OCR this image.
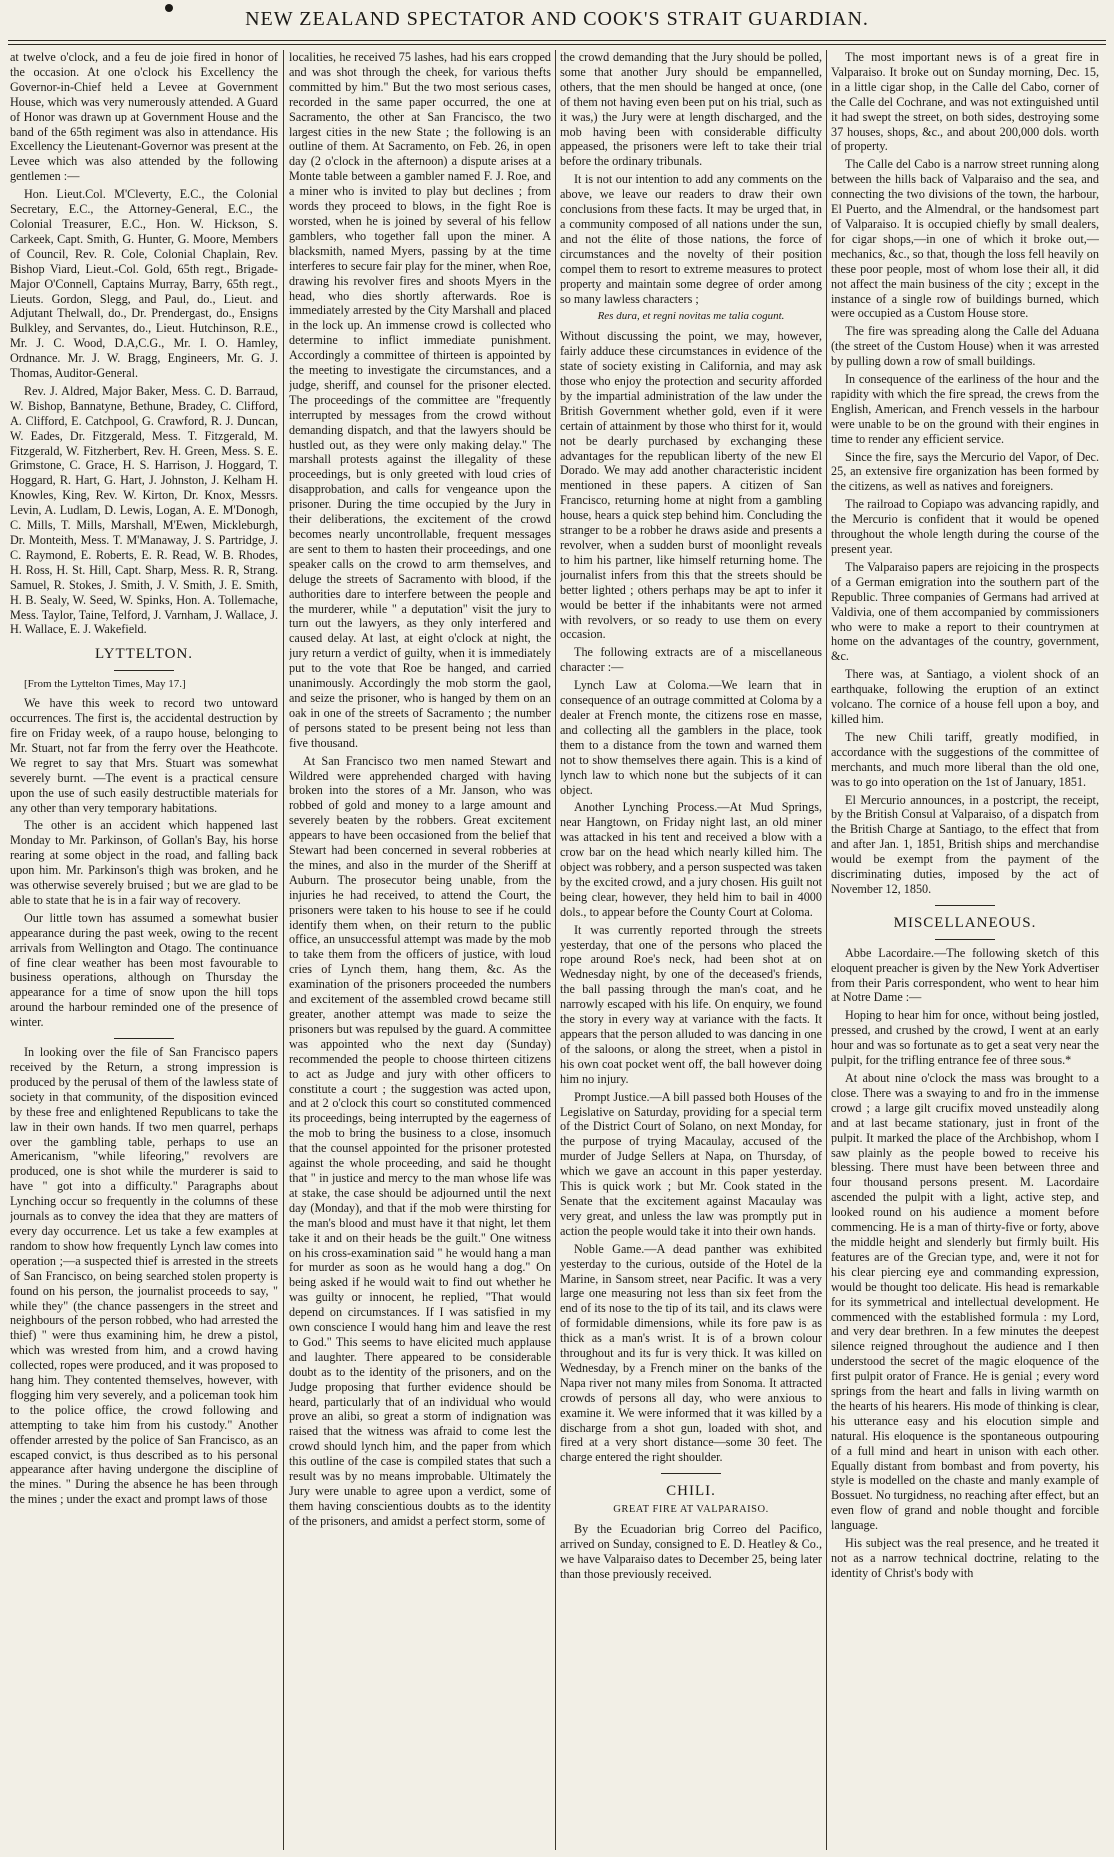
NEW ZEALAND SPECTATOR AND COOK'S STRAIT GUARDIAN.

at twelve o'clock, and a feu de joie fired in honor of the occasion. At one o'clock his Excellency the Governor-in-Chief held a Levee at Government House, which was very numerously attended. A Guard of Honor was drawn up at Government House and the band of the 65th regiment was also in attendance. His Excellency the Lieutenant-Governor was present at the Levee which was also attended by the following gentlemen :—

Hon. Lieut.Col. M'Cleverty, E.C., the Colonial Secretary, E.C., the Attorney-General, E.C., the Colonial Treasurer, E.C., Hon. W. Hickson, S. Carkeek, Capt. Smith, G. Hunter, G. Moore, Members of Council, Rev. R. Cole, Colonial Chaplain, Rev. Bishop Viard, Lieut.-Col. Gold, 65th regt., Brigade-Major O'Connell, Captains Murray, Barry, 65th regt., Lieuts. Gordon, Slegg, and Paul, do., Lieut. and Adjutant Thelwall, do., Dr. Prendergast, do., Ensigns Bulkley, and Servantes, do., Lieut. Hutchinson, R.E., Mr. J. C. Wood, D.A,C.G., Mr. I. O. Hamley, Ordnance. Mr. J. W. Bragg, Engineers, Mr. G. J. Thomas, Auditor-General.

Rev. J. Aldred, Major Baker, Mess. C. D. Barraud, W. Bishop, Bannatyne, Bethune, Bradey, C. Clifford, A. Clifford, E. Catchpool, G. Crawford, R. J. Duncan, W. Eades, Dr. Fitzgerald, Mess. T. Fitzgerald, M. Fitzgerald, W. Fitzherbert, Rev. H. Green, Mess. S. E. Grimstone, C. Grace, H. S. Harrison, J. Hoggard, T. Hoggard, R. Hart, G. Hart, J. Johnston, J. Kelham H. Knowles, King, Rev. W. Kirton, Dr. Knox, Messrs. Levin, A. Ludlam, D. Lewis, Logan, A. E. M'Donogh, C. Mills, T. Mills, Marshall, M'Ewen, Mickleburgh, Dr. Monteith, Mess. T. M'Manaway, J. S. Partridge, J. C. Raymond, E. Roberts, E. R. Read, W. B. Rhodes, H. Ross, H. St. Hill, Capt. Sharp, Mess. R. R, Strang. Samuel, R. Stokes, J. Smith, J. V. Smith, J. E. Smith, H. B. Sealy, W. Seed, W. Spinks, Hon. A. Tollemache, Mess. Taylor, Taine, Telford, J. Varnham, J. Wallace, J. H. Wallace, E. J. Wakefield.

LYTTELTON.

[From the Lyttelton Times, May 17.]

We have this week to record two untoward occurrences. The first is, the accidental destruction by fire on Friday week, of a raupo house, belonging to Mr. Stuart, not far from the ferry over the Heathcote. We regret to say that Mrs. Stuart was somewhat severely burnt. —The event is a practical censure upon the use of such easily destructible materials for any other than very temporary habitations.

The other is an accident which happened last Monday to Mr. Parkinson, of Gollan's Bay, his horse rearing at some object in the road, and falling back upon him. Mr. Parkinson's thigh was broken, and he was otherwise severely bruised ; but we are glad to be able to state that he is in a fair way of recovery.

Our little town has assumed a somewhat busier appearance during the past week, owing to the recent arrivals from Wellington and Otago. The continuance of fine clear weather has been most favourable to business operations, although on Thursday the appearance for a time of snow upon the hill tops around the harbour reminded one of the presence of winter.

In looking over the file of San Francisco papers received by the Return, a strong impression is produced by the perusal of them of the lawless state of society in that community, of the disposition evinced by these free and enlightened Republicans to take the law in their own hands. If two men quarrel, perhaps over the gambling table, perhaps to use an Americanism, "while lifeoring," revolvers are produced, one is shot while the murderer is said to have " got into a difficulty." Paragraphs about Lynching occur so frequently in the columns of these journals as to convey the idea that they are matters of every day occurrence. Let us take a few examples at random to show how frequently Lynch law comes into operation ;—a suspected thief is arrested in the streets of San Francisco, on being searched stolen property is found on his person, the journalist proceeds to say, " while they" (the chance passengers in the street and neighbours of the person robbed, who had arrested the thief) " were thus examining him, he drew a pistol, which was wrested from him, and a crowd having collected, ropes were produced, and it was proposed to hang him. They contented themselves, however, with flogging him very severely, and a policeman took him to the police office, the crowd following and attempting to take him from his custody." Another offender arrested by the police of San Francisco, as an escaped convict, is thus described as to his personal appearance after having undergone the discipline of the mines. " During the absence he has been through the mines ; under the exact and prompt laws of those

localities, he received 75 lashes, had his ears cropped and was shot through the cheek, for various thefts committed by him." But the two most serious cases, recorded in the same paper occurred, the one at Sacramento, the other at San Francisco, the two largest cities in the new State ; the following is an outline of them. At Sacramento, on Feb. 26, in open day (2 o'clock in the afternoon) a dispute arises at a Monte table between a gambler named F. J. Roe, and a miner who is invited to play but declines ; from words they proceed to blows, in the fight Roe is worsted, when he is joined by several of his fellow gamblers, who together fall upon the miner. A blacksmith, named Myers, passing by at the time interferes to secure fair play for the miner, when Roe, drawing his revolver fires and shoots Myers in the head, who dies shortly afterwards. Roe is immediately arrested by the City Marshall and placed in the lock up. An immense crowd is collected who determine to inflict immediate punishment. Accordingly a committee of thirteen is appointed by the meeting to investigate the circumstances, and a judge, sheriff, and counsel for the prisoner elected. The proceedings of the committee are "frequently interrupted by messages from the crowd without demanding dispatch, and that the lawyers should be hustled out, as they were only making delay." The marshall protests against the illegality of these proceedings, but is only greeted with loud cries of disapprobation, and calls for vengeance upon the prisoner. During the time occupied by the Jury in their deliberations, the excitement of the crowd becomes nearly uncontrollable, frequent messages are sent to them to hasten their proceedings, and one speaker calls on the crowd to arm themselves, and deluge the streets of Sacramento with blood, if the authorities dare to interfere between the people and the murderer, while " a deputation" visit the jury to turn out the lawyers, as they only interfered and caused delay. At last, at eight o'clock at night, the jury return a verdict of guilty, when it is immediately put to the vote that Roe be hanged, and carried unanimously. Accordingly the mob storm the gaol, and seize the prisoner, who is hanged by them on an oak in one of the streets of Sacramento ; the number of persons stated to be present being not less than five thousand.

At San Francisco two men named Stewart and Wildred were apprehended charged with having broken into the stores of a Mr. Janson, who was robbed of gold and money to a large amount and severely beaten by the robbers. Great excitement appears to have been occasioned from the belief that Stewart had been concerned in several robberies at the mines, and also in the murder of the Sheriff at Auburn. The prosecutor being unable, from the injuries he had received, to attend the Court, the prisoners were taken to his house to see if he could identify them when, on their return to the public office, an unsuccessful attempt was made by the mob to take them from the officers of justice, with loud cries of Lynch them, hang them, &c. As the examination of the prisoners proceeded the numbers and excitement of the assembled crowd became still greater, another attempt was made to seize the prisoners but was repulsed by the guard. A committee was appointed who the next day (Sunday) recommended the people to choose thirteen citizens to act as Judge and jury with other officers to constitute a court ; the suggestion was acted upon, and at 2 o'clock this court so constituted commenced its proceedings, being interrupted by the eagerness of the mob to bring the business to a close, insomuch that the counsel appointed for the prisoner protested against the whole proceeding, and said he thought that " in justice and mercy to the man whose life was at stake, the case should be adjourned until the next day (Monday), and that if the mob were thirsting for the man's blood and must have it that night, let them take it and on their heads be the guilt." One witness on his cross-examination said " he would hang a man for murder as soon as he would hang a dog." On being asked if he would wait to find out whether he was guilty or innocent, he replied, "That would depend on circumstances. If I was satisfied in my own conscience I would hang him and leave the rest to God." This seems to have elicited much applause and laughter. There appeared to be considerable doubt as to the identity of the prisoners, and on the Judge proposing that further evidence should be heard, particularly that of an individual who would prove an alibi, so great a storm of indignation was raised that the witness was afraid to come lest the crowd should lynch him, and the paper from which this outline of the case is compiled states that such a result was by no means improbable. Ultimately the Jury were unable to agree upon a verdict, some of them having conscientious doubts as to the identity of the prisoners, and amidst a perfect storm, some of

the crowd demanding that the Jury should be polled, some that another Jury should be empannelled, others, that the men should be hanged at once, (one of them not having even been put on his trial, such as it was,) the Jury were at length discharged, and the mob having been with considerable difficulty appeased, the prisoners were left to take their trial before the ordinary tribunals.

It is not our intention to add any comments on the above, we leave our readers to draw their own conclusions from these facts. It may be urged that, in a community composed of all nations under the sun, and not the élite of those nations, the force of circumstances and the novelty of their position compel them to resort to extreme measures to protect property and maintain some degree of order among so many lawless characters ;

Res dura, et regni novitas me talia cogunt.

Without discussing the point, we may, however, fairly adduce these circumstances in evidence of the state of society existing in California, and may ask those who enjoy the protection and security afforded by the impartial administration of the law under the British Government whether gold, even if it were certain of attainment by those who thirst for it, would not be dearly purchased by exchanging these advantages for the republican liberty of the new El Dorado. We may add another characteristic incident mentioned in these papers. A citizen of San Francisco, returning home at night from a gambling house, hears a quick step behind him. Concluding the stranger to be a robber he draws aside and presents a revolver, when a sudden burst of moonlight reveals to him his partner, like himself returning home. The journalist infers from this that the streets should be better lighted ; others perhaps may be apt to infer it would be better if the inhabitants were not armed with revolvers, or so ready to use them on every occasion.

The following extracts are of a miscellaneous character :—

Lynch Law at Coloma.—We learn that in consequence of an outrage committed at Coloma by a dealer at French monte, the citizens rose en masse, and collecting all the gamblers in the place, took them to a distance from the town and warned them not to show themselves there again. This is a kind of lynch law to which none but the subjects of it can object.

Another Lynching Process.—At Mud Springs, near Hangtown, on Friday night last, an old miner was attacked in his tent and received a blow with a crow bar on the head which nearly killed him. The object was robbery, and a person suspected was taken by the excited crowd, and a jury chosen. His guilt not being clear, however, they held him to bail in 4000 dols., to appear before the County Court at Coloma.

It was currently reported through the streets yesterday, that one of the persons who placed the rope around Roe's neck, had been shot at on Wednesday night, by one of the deceased's friends, the ball passing through the man's coat, and he narrowly escaped with his life. On enquiry, we found the story in every way at variance with the facts. It appears that the person alluded to was dancing in one of the saloons, or along the street, when a pistol in his own coat pocket went off, the ball however doing him no injury.

Prompt Justice.—A bill passed both Houses of the Legislative on Saturday, providing for a special term of the District Court of Solano, on next Monday, for the purpose of trying Macaulay, accused of the murder of Judge Sellers at Napa, on Thursday, of which we gave an account in this paper yesterday. This is quick work ; but Mr. Cook stated in the Senate that the excitement against Macaulay was very great, and unless the law was promptly put in action the people would take it into their own hands.

Noble Game.—A dead panther was exhibited yesterday to the curious, outside of the Hotel de la Marine, in Sansom street, near Pacific. It was a very large one measuring not less than six feet from the end of its nose to the tip of its tail, and its claws were of formidable dimensions, while its fore paw is as thick as a man's wrist. It is of a brown colour throughout and its fur is very thick. It was killed on Wednesday, by a French miner on the banks of the Napa river not many miles from Sonoma. It attracted crowds of persons all day, who were anxious to examine it. We were informed that it was killed by a discharge from a shot gun, loaded with shot, and fired at a very short distance—some 30 feet. The charge entered the right shoulder.

CHILI.
GREAT FIRE AT VALPARAISO.

By the Ecuadorian brig Correo del Pacifico, arrived on Sunday, consigned to E. D. Heatley & Co., we have Valparaiso dates to December 25, being later than those previously received.

The most important news is of a great fire in Valparaiso. It broke out on Sunday morning, Dec. 15, in a little cigar shop, in the Calle del Cabo, corner of the Calle del Cochrane, and was not extinguished until it had swept the street, on both sides, destroying some 37 houses, shops, &c., and about 200,000 dols. worth of property.

The Calle del Cabo is a narrow street running along between the hills back of Valparaiso and the sea, and connecting the two divisions of the town, the harbour, El Puerto, and the Almendral, or the handsomest part of Valparaiso. It is occupied chiefly by small dealers, for cigar shops,—in one of which it broke out,—mechanics, &c., so that, though the loss fell heavily on these poor people, most of whom lose their all, it did not affect the main business of the city ; except in the instance of a single row of buildings burned, which were occupied as a Custom House store.

The fire was spreading along the Calle del Aduana (the street of the Custom House) when it was arrested by pulling down a row of small buildings.

In consequence of the earliness of the hour and the rapidity with which the fire spread, the crews from the English, American, and French vessels in the harbour were unable to be on the ground with their engines in time to render any efficient service.

Since the fire, says the Mercurio del Vapor, of Dec. 25, an extensive fire organization has been formed by the citizens, as well as natives and foreigners.

The railroad to Copiapo was advancing rapidly, and the Mercurio is confident that it would be opened throughout the whole length during the course of the present year.

The Valparaiso papers are rejoicing in the prospects of a German emigration into the southern part of the Republic. Three companies of Germans had arrived at Valdivia, one of them accompanied by commissioners who were to make a report to their countrymen at home on the advantages of the country, government, &c.

There was, at Santiago, a violent shock of an earthquake, following the eruption of an extinct volcano. The cornice of a house fell upon a boy, and killed him.

The new Chili tariff, greatly modified, in accordance with the suggestions of the committee of merchants, and much more liberal than the old one, was to go into operation on the 1st of January, 1851.

El Mercurio announces, in a postcript, the receipt, by the British Consul at Valparaiso, of a dispatch from the British Charge at Santiago, to the effect that from and after Jan. 1, 1851, British ships and merchandise would be exempt from the payment of the discriminating duties, imposed by the act of November 12, 1850.

MISCELLANEOUS.

Abbe Lacordaire.—The following sketch of this eloquent preacher is given by the New York Advertiser from their Paris correspondent, who went to hear him at Notre Dame :—

Hoping to hear him for once, without being jostled, pressed, and crushed by the crowd, I went at an early hour and was so fortunate as to get a seat very near the pulpit, for the trifling entrance fee of three sous.*

At about nine o'clock the mass was brought to a close. There was a swaying to and fro in the immense crowd ; a large gilt crucifix moved unsteadily along and at last became stationary, just in front of the pulpit. It marked the place of the Archbishop, whom I saw plainly as the people bowed to receive his blessing. There must have been between three and four thousand persons present. M. Lacordaire ascended the pulpit with a light, active step, and looked round on his audience a moment before commencing. He is a man of thirty-five or forty, above the middle height and slenderly but firmly built. His features are of the Grecian type, and, were it not for his clear piercing eye and commanding expression, would be thought too delicate. His head is remarkable for its symmetrical and intellectual development. He commenced with the established formula : my Lord, and very dear brethren. In a few minutes the deepest silence reigned throughout the audience and I then understood the secret of the magic eloquence of the first pulpit orator of France. He is genial ; every word springs from the heart and falls in living warmth on the hearts of his hearers. His mode of thinking is clear, his utterance easy and his elocution simple and natural. His eloquence is the spontaneous outpouring of a full mind and heart in unison with each other. Equally distant from bombast and from poverty, his style is modelled on the chaste and manly example of Bossuet. No turgidness, no reaching after effect, but an even flow of grand and noble thought and forcible language.

His subject was the real presence, and he treated it not as a narrow technical doctrine, relating to the identity of Christ's body with
